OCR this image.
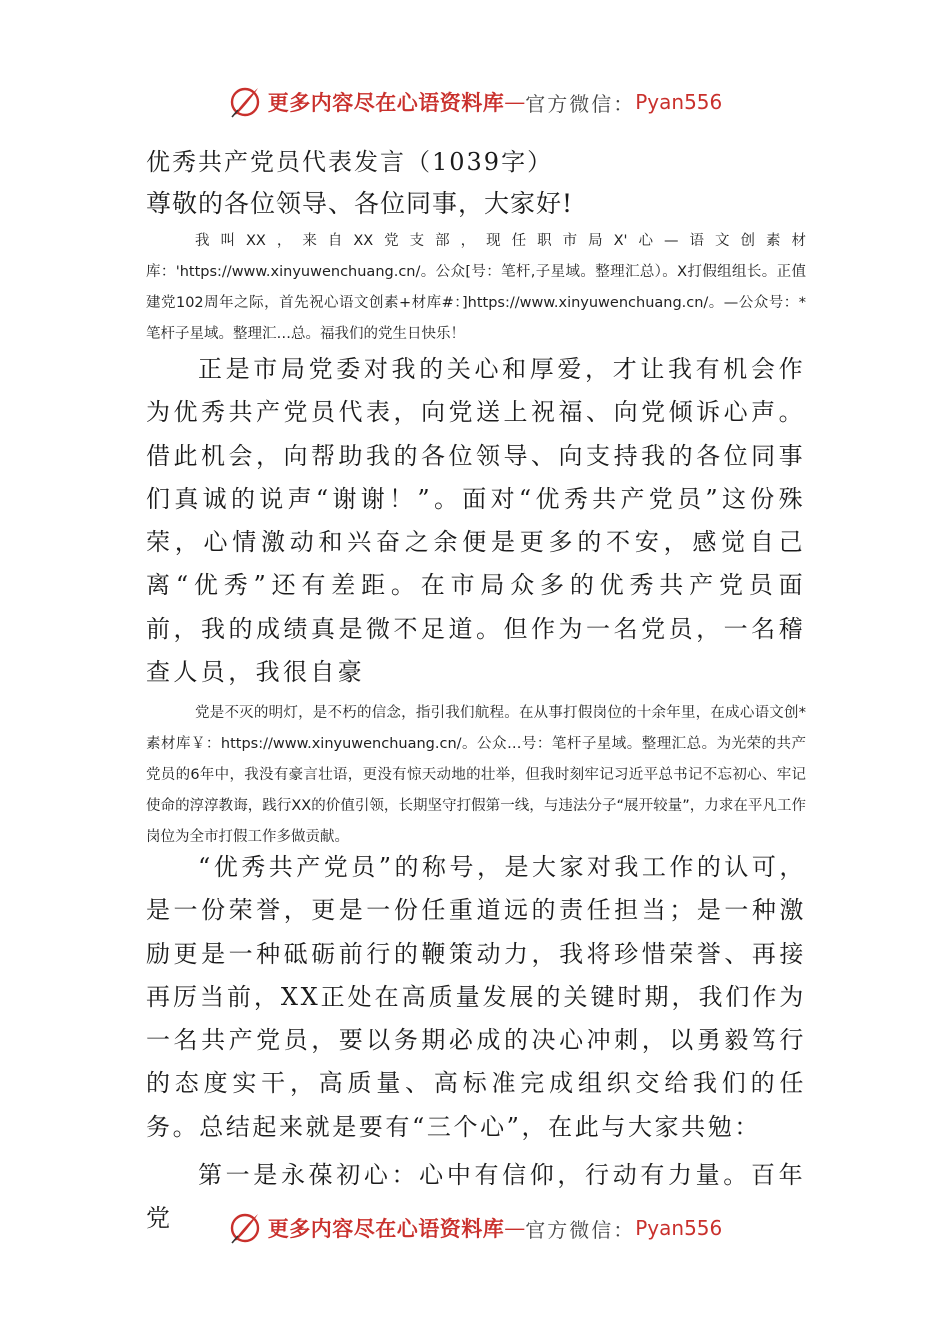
更多内容尽在心语资料库 — 官方微信： Pyan556
优秀共产党员代表发言（1039字）
尊敬的各位领导、各位同事，大家好!
我叫XX，来自XX党支部，现任职市局X'心—语文创素材库：'https://www.xinyuwenchuang.cn/。公众[号：笔杆,子星域。整理汇总）。X打假组组长。正值建党102周年之际，首先祝心语文创素+材库#：]https://www.xinyuwenchuang.cn/。—公众号：*笔杆子星域。整理汇…总。福我们的党生日快乐！
正是市局党委对我的关心和厚爱，才让我有机会作为优秀共产党员代表，向党送上祝福、向党倾诉心声。借此机会，向帮助我的各位领导、向支持我的各位同事们真诚的说声“谢谢！”。面对“优秀共产党员”这份殊荣，心情激动和兴奋之余便是更多的不安，感觉自己离“优秀”还有差距。在市局众多的优秀共产党员面前，我的成绩真是微不足道。但作为一名党员，一名稽查人员，我很自豪
党是不灭的明灯，是不朽的信念，指引我们航程。在从事打假岗位的十余年里，在成心语文创*素材库￥：https://www.xinyuwenchuang.cn/。公众…号：笔杆子星域。整理汇总。为光荣的共产党员的6年中，我没有豪言壮语，更没有惊天动地的壮举，但我时刻牢记习近平总书记不忘初心、牢记使命的淳淳教诲，践行XX的价值引领，长期坚守打假第一线，与违法分子“展开较量”，力求在平凡工作岗位为全市打假工作多做贡献。
“优秀共产党员”的称号，是大家对我工作的认可，是一份荣誉，更是一份任重道远的责任担当；是一种激励更是一种砥砺前行的鞭策动力，我将珍惜荣誉、再接再厉当前，XX正处在高质量发展的关键时期，我们作为一名共产党员，要以务期必成的决心冲刺，以勇毅笃行的态度实干，高质量、高标准完成组织交给我们的任务。总结起来就是要有“三个心”，在此与大家共勉：
第一是永葆初心：心中有信仰，行动有力量。百年党	更多内容尽在心语资料库 — 官方微信： Pyan556
